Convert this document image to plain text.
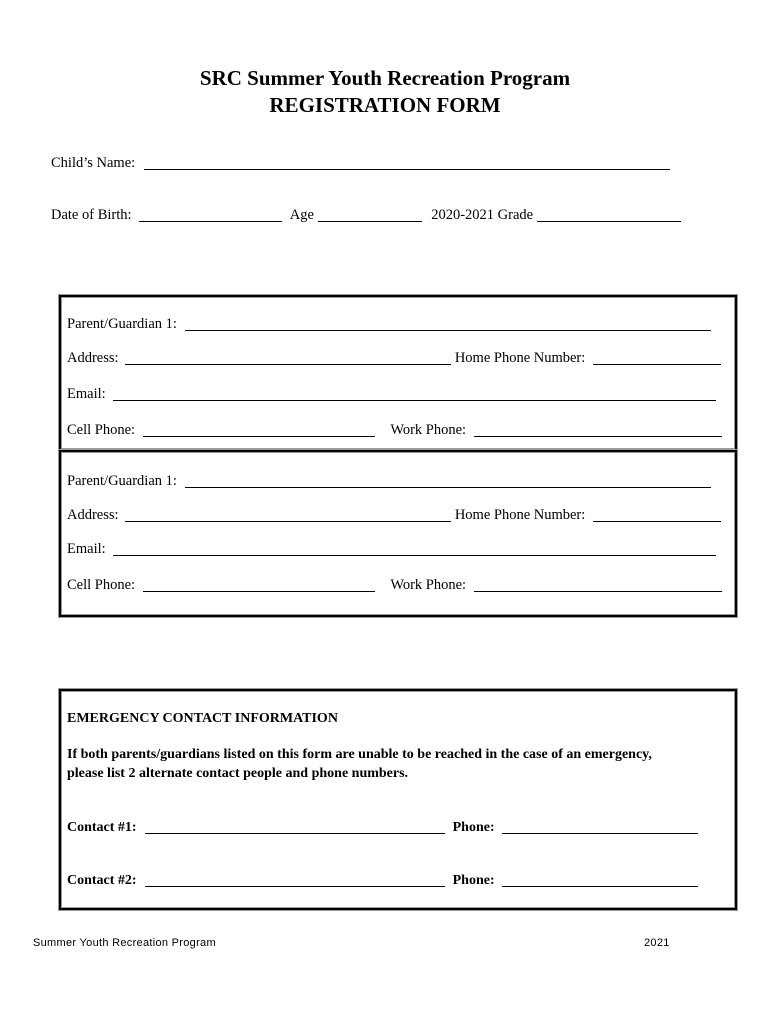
SRC Summer Youth Recreation Program
REGISTRATION FORM
Child’s Name:
Date of Birth:	Age	2020-2021 Grade
Parent/Guardian 1:
Address:	Home Phone Number:
Email:
Cell Phone:	Work Phone:
Parent/Guardian 1:
Address:	Home Phone Number:
Email:
Cell Phone:	Work Phone:
EMERGENCY CONTACT INFORMATION
If both parents/guardians listed on this form are unable to be reached in the case of an emergency,
please list 2 alternate contact people and phone numbers.
Contact #1:	Phone:
Contact #2:	Phone:
Summer Youth Recreation Program	2021
